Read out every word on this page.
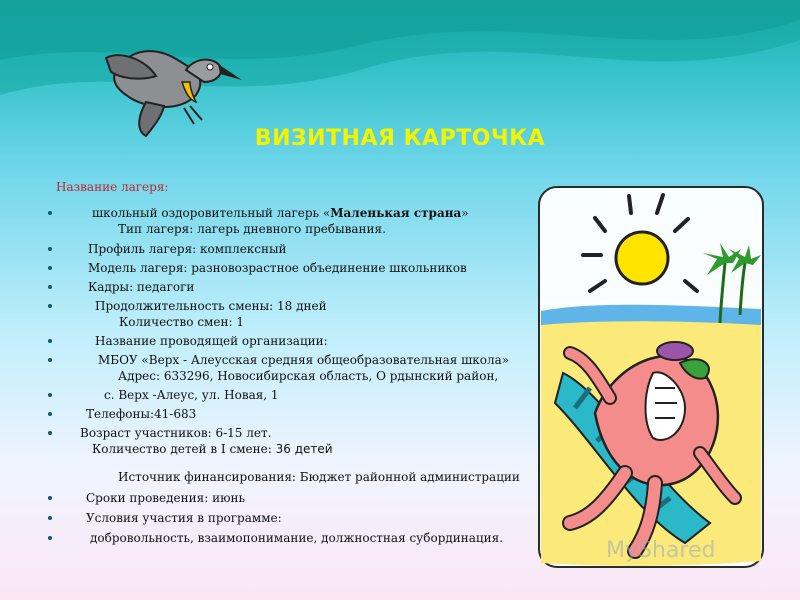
ВИЗИТНАЯ КАРТОЧКА
Название лагеря:
школьный оздоровительный лагерь «Маленькая страна»
Тип лагеря: лагерь дневного пребывания.
Профиль лагеря: комплексный
Модель лагеря: разновозрастное объединение школьников
Кадры: педагоги
Продолжительность смены: 18 дней
Количество смен: 1
Название проводящей организации:
МБОУ «Верх - Алеусская средняя общеобразовательная школа»
Адрес: 633296, Новосибирская область, О рдынский район,
с. Верх -Алеус, ул. Новая, 1
Телефоны:41-683
Возраст участников: 6-15 лет.
Количество детей в I смене: 36 детей
Источник финансирования: Бюджет районной администрации
Сроки проведения: июнь
Условия участия в программе:
добровольность, взаимопонимание, должностная субординация.	MyShared
